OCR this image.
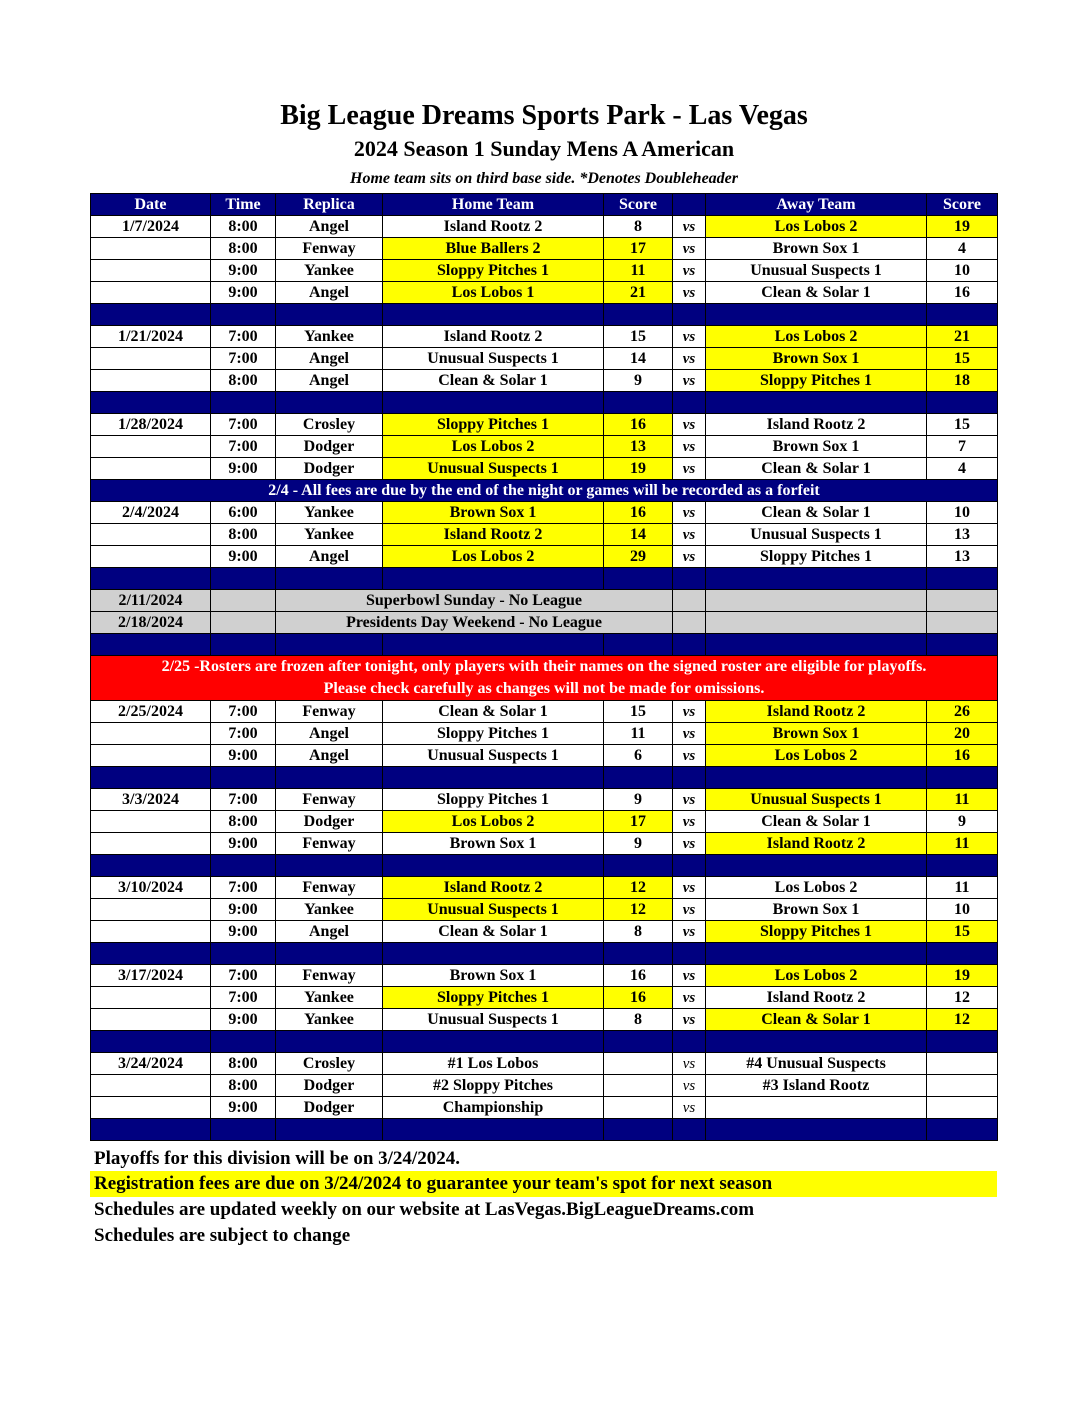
Big League Dreams Sports Park - Las Vegas
2024 Season 1 Sunday Mens A American
Home team sits on third base side. *Denotes Doubleheader
Date	Time	Replica	Home Team	Score		Away Team	Score
1/7/2024	8:00	Angel	Island Rootz 2	8	vs	Los Lobos 2	19
	8:00	Fenway	Blue Ballers 2	17	vs	Brown Sox 1	4
	9:00	Yankee	Sloppy Pitches 1	11	vs	Unusual Suspects 1	10
	9:00	Angel	Los Lobos 1	21	vs	Clean & Solar 1	16

1/21/2024	7:00	Yankee	Island Rootz 2	15	vs	Los Lobos 2	21
	7:00	Angel	Unusual Suspects 1	14	vs	Brown Sox 1	15
	8:00	Angel	Clean & Solar 1	9	vs	Sloppy Pitches 1	18

1/28/2024	7:00	Crosley	Sloppy Pitches 1	16	vs	Island Rootz 2	15
	7:00	Dodger	Los Lobos 2	13	vs	Brown Sox 1	7
	9:00	Dodger	Unusual Suspects 1	19	vs	Clean & Solar 1	4
2/4 - All fees are due by the end of the night or games will be recorded as a forfeit							
2/4/2024	6:00	Yankee	Brown Sox 1	16	vs	Clean & Solar 1	10
	8:00	Yankee	Island Rootz 2	14	vs	Unusual Suspects 1	13
	9:00	Angel	Los Lobos 2	29	vs	Sloppy Pitches 1	13

2/11/2024		Superbowl Sunday - No League					
2/18/2024		Presidents Day Weekend - No League					

2/25 -Rosters are frozen after tonight, only players with their names on the signed roster are eligible for playoffs.
Please check carefully as changes will not be made for omissions.							

2/25/2024	7:00	Fenway	Clean & Solar 1	15	vs	Island Rootz 2	26
	7:00	Angel	Sloppy Pitches 1	11	vs	Brown Sox 1	20
	9:00	Angel	Unusual Suspects 1	6	vs	Los Lobos 2	16

3/3/2024	7:00	Fenway	Sloppy Pitches 1	9	vs	Unusual Suspects 1	11
	8:00	Dodger	Los Lobos 2	17	vs	Clean & Solar 1	9
	9:00	Fenway	Brown Sox 1	9	vs	Island Rootz 2	11

3/10/2024	7:00	Fenway	Island Rootz 2	12	vs	Los Lobos 2	11
	9:00	Yankee	Unusual Suspects 1	12	vs	Brown Sox 1	10
	9:00	Angel	Clean & Solar 1	8	vs	Sloppy Pitches 1	15

3/17/2024	7:00	Fenway	Brown Sox 1	16	vs	Los Lobos 2	19
	7:00	Yankee	Sloppy Pitches 1	16	vs	Island Rootz 2	12
	9:00	Yankee	Unusual Suspects 1	8	vs	Clean & Solar 1	12

3/24/2024	8:00	Crosley	#1 Los Lobos		vs	#4 Unusual Suspects	
	8:00	Dodger	#2 Sloppy Pitches		vs	#3 Island Rootz	
	9:00	Dodger	Championship		vs		

Playoffs for this division will be on 3/24/2024.
Registration fees are due on 3/24/2024 to guarantee your team's spot for next season
Schedules are updated weekly on our website at LasVegas.BigLeagueDreams.com
Schedules are subject to change
